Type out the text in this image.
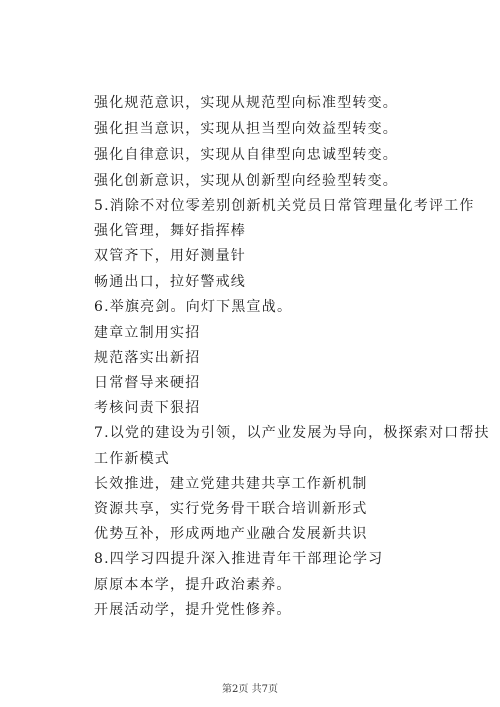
强化规范意识，实现从规范型向标准型转变。
强化担当意识，实现从担当型向效益型转变。
强化自律意识，实现从自律型向忠诚型转变。
强化创新意识，实现从创新型向经验型转变。
5.消除不对位零差别创新机关党员日常管理量化考评工作
强化管理，舞好指挥棒
双管齐下，用好测量针
畅通出口，拉好警戒线
6.举旗亮剑。向灯下黑宣战。
建章立制用实招
规范落实出新招
日常督导来硬招
考核问责下狠招
7.以党的建设为引领，以产业发展为导向，极探索对口帮扶
工作新模式
长效推进，建立党建共建共享工作新机制
资源共享，实行党务骨干联合培训新形式
优势互补，形成两地产业融合发展新共识
8.四学习四提升深入推进青年干部理论学习
原原本本学，提升政治素养。
开展活动学，提升党性修养。
第2页 共7页
